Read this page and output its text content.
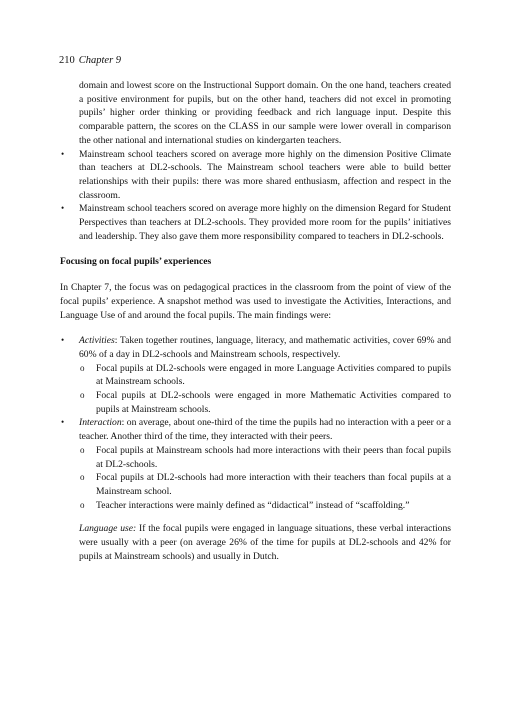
210 Chapter 9

domain and lowest score on the Instructional Support domain. On the one hand, teachers created a positive environment for pupils, but on the other hand, teachers did not excel in promoting pupils’ higher order thinking or providing feedback and rich language input. Despite this comparable pattern, the scores on the CLASS in our sample were lower overall in comparison the other national and international studies on kindergarten teachers.

• Mainstream school teachers scored on average more highly on the dimension Positive Climate than teachers at DL2-schools. The Mainstream school teachers were able to build better relationships with their pupils: there was more shared enthusiasm, affection and respect in the classroom.
• Mainstream school teachers scored on average more highly on the dimension Regard for Student Perspectives than teachers at DL2-schools. They provided more room for the pupils’ initiatives and leadership. They also gave them more responsibility compared to teachers in DL2-schools.

Focusing on focal pupils’ experiences

In Chapter 7, the focus was on pedagogical practices in the classroom from the point of view of the focal pupils’ experience. A snapshot method was used to investigate the Activities, Interactions, and Language Use of and around the focal pupils. The main findings were:

• Activities: Taken together routines, language, literacy, and mathematic activities, cover 69% and 60% of a day in DL2-schools and Mainstream schools, respectively.
o Focal pupils at DL2-schools were engaged in more Language Activities compared to pupils at Mainstream schools.
o Focal pupils at DL2-schools were engaged in more Mathematic Activities compared to pupils at Mainstream schools.
• Interaction: on average, about one-third of the time the pupils had no interaction with a peer or a teacher. Another third of the time, they interacted with their peers.
o Focal pupils at Mainstream schools had more interactions with their peers than focal pupils at DL2-schools.
o Focal pupils at DL2-schools had more interaction with their teachers than focal pupils at a Mainstream school.
o Teacher interactions were mainly defined as “didactical” instead of “scaffolding.”

Language use: If the focal pupils were engaged in language situations, these verbal interactions were usually with a peer (on average 26% of the time for pupils at DL2-schools and 42% for pupils at Mainstream schools) and usually in Dutch.
